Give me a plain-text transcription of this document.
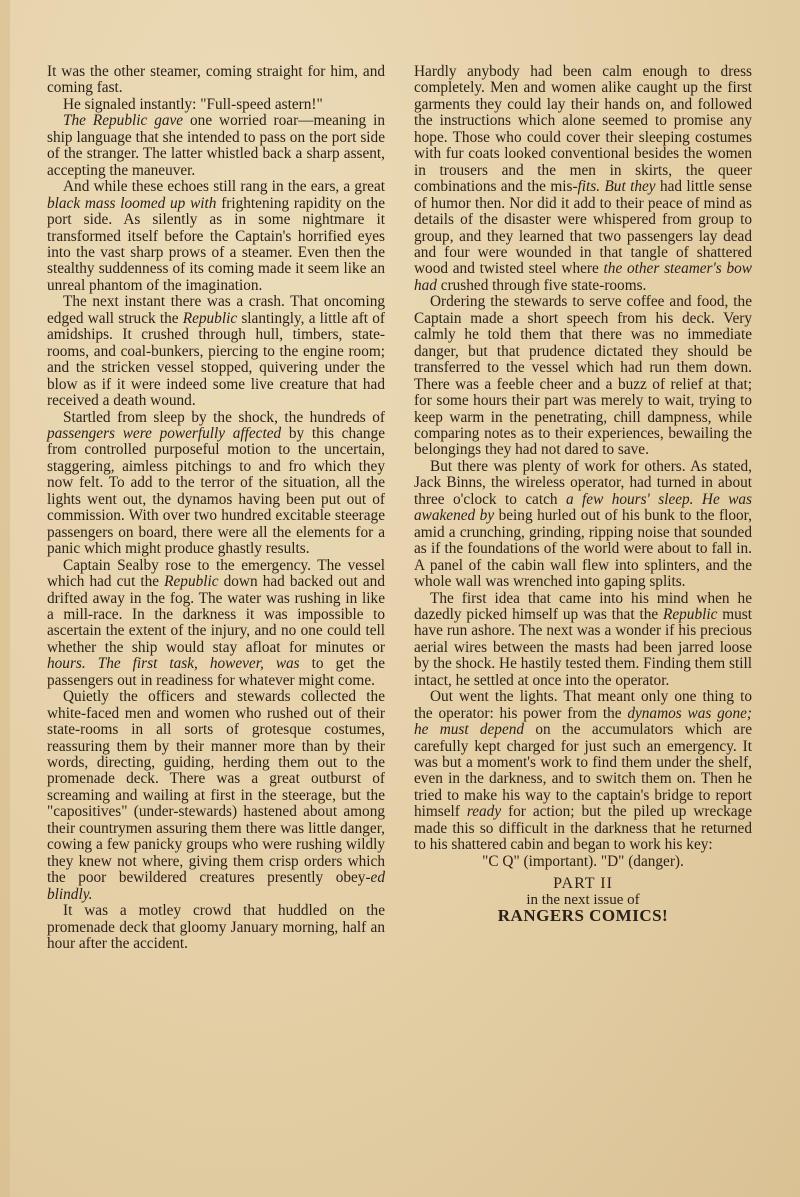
It was the other steamer, coming straight for him, and coming fast.

He signaled instantly: "Full-speed astern!"

The Republic gave one worried roar—meaning in ship language that she intended to pass on the port side of the stranger. The latter whistled back a sharp assent, accepting the maneuver.

And while these echoes still rang in the ears, a great black mass loomed up with frightening rapidity on the port side. As silently as in some nightmare it transformed itself before the Captain's horrified eyes into the vast sharp prows of a steamer. Even then the stealthy suddenness of its coming made it seem like an unreal phantom of the imagination.

The next instant there was a crash. That oncoming edged wall struck the Republic slantingly, a little aft of amidships. It crushed through hull, timbers, state-rooms, and coal-bunkers, piercing to the engine room; and the stricken vessel stopped, quivering under the blow as if it were indeed some live creature that had received a death wound.

Startled from sleep by the shock, the hundreds of passengers were powerfully affected by this change from controlled purposeful motion to the uncertain, staggering, aimless pitchings to and fro which they now felt. To add to the terror of the situation, all the lights went out, the dynamos having been put out of commission. With over two hundred excitable steerage passengers on board, there were all the elements for a panic which might produce ghastly results.

Captain Sealby rose to the emergency. The vessel which had cut the Republic down had backed out and drifted away in the fog. The water was rushing in like a mill-race. In the darkness it was impossible to ascertain the extent of the injury, and no one could tell whether the ship would stay afloat for minutes or hours. The first task, however, was to get the passengers out in readiness for whatever might come.

Quietly the officers and stewards collected the white-faced men and women who rushed out of their state-rooms in all sorts of grotesque costumes, reassuring them by their manner more than by their words, directing, guiding, herding them out to the promenade deck. There was a great outburst of screaming and wailing at first in the steerage, but the "capositives" (under-stewards) hastened about among their countrymen assuring them there was little danger, cowing a few panicky groups who were rushing wildly they knew not where, giving them crisp orders which the poor bewildered creatures presently obey-ed blindly.

It was a motley crowd that huddled on the promenade deck that gloomy January morning, half an hour after the accident.

Hardly anybody had been calm enough to dress completely. Men and women alike caught up the first garments they could lay their hands on, and followed the instructions which alone seemed to promise any hope. Those who could cover their sleeping costumes with fur coats looked conventional besides the women in trousers and the men in skirts, the queer combinations and the mis-fits. But they had little sense of humor then. Nor did it add to their peace of mind as details of the disaster were whispered from group to group, and they learned that two passengers lay dead and four were wounded in that tangle of shattered wood and twisted steel where the other steamer's bow had crushed through five state-rooms.

Ordering the stewards to serve coffee and food, the Captain made a short speech from his deck. Very calmly he told them that there was no immediate danger, but that prudence dictated they should be transferred to the vessel which had run them down. There was a feeble cheer and a buzz of relief at that; for some hours their part was merely to wait, trying to keep warm in the penetrating, chill dampness, while comparing notes as to their experiences, bewailing the belongings they had not dared to save.

But there was plenty of work for others. As stated, Jack Binns, the wireless operator, had turned in about three o'clock to catch a few hours' sleep. He was awakened by being hurled out of his bunk to the floor, amid a crunching, grinding, ripping noise that sounded as if the foundations of the world were about to fall in. A panel of the cabin wall flew into splinters, and the whole wall was wrenched into gaping splits.

The first idea that came into his mind when he dazedly picked himself up was that the Republic must have run ashore. The next was a wonder if his precious aerial wires between the masts had been jarred loose by the shock. He hastily tested them. Finding them still intact, he settled at once into the operator.

Out went the lights. That meant only one thing to the operator: his power from the dynamos was gone; he must depend on the accumulators which are carefully kept charged for just such an emergency. It was but a moment's work to find them under the shelf, even in the darkness, and to switch them on. Then he tried to make his way to the captain's bridge to report himself ready for action; but the piled up wreckage made this so difficult in the darkness that he returned to his shattered cabin and began to work his key:

"C Q" (important). "D" (danger).

PART II
in the next issue of
RANGERS COMICS!
